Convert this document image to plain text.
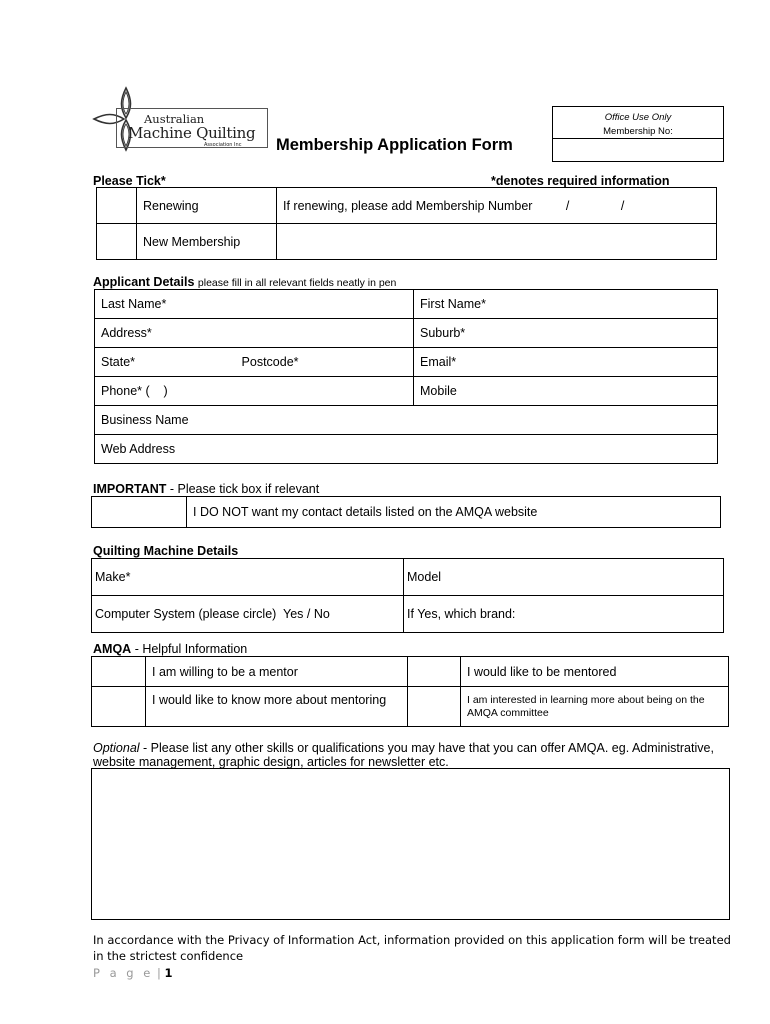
Australian
Machine Quilting
Association Inc Membership Application Form
Office Use Only
Membership No:
Please Tick*	*denotes required information
	Renewing	If renewing, please add Membership Number / /
	New Membership	
Applicant Details please fill in all relevant fields neatly in pen
Last Name*	First Name*
Address*	Suburb*
State* Postcode*	Email*
Phone* (    )	Mobile
Business Name	
Web Address	
IMPORTANT - Please tick box if relevant
	I DO NOT want my contact details listed on the AMQA website
Quilting Machine Details
Make*	Model
Computer System (please circle)  Yes / No	If Yes, which brand:
AMQA - Helpful Information
	I am willing to be a mentor		I would like to be mentored
	I would like to know more about mentoring		I am interested in learning more about being on the AMQA committee
Optional - Please list any other skills or qualifications you may have that you can offer AMQA. eg. Administrative, website management, graphic design, articles for newsletter etc.
In accordance with the Privacy of Information Act, information provided on this application form will be treated in the strictest confidence
P a g e | 1
